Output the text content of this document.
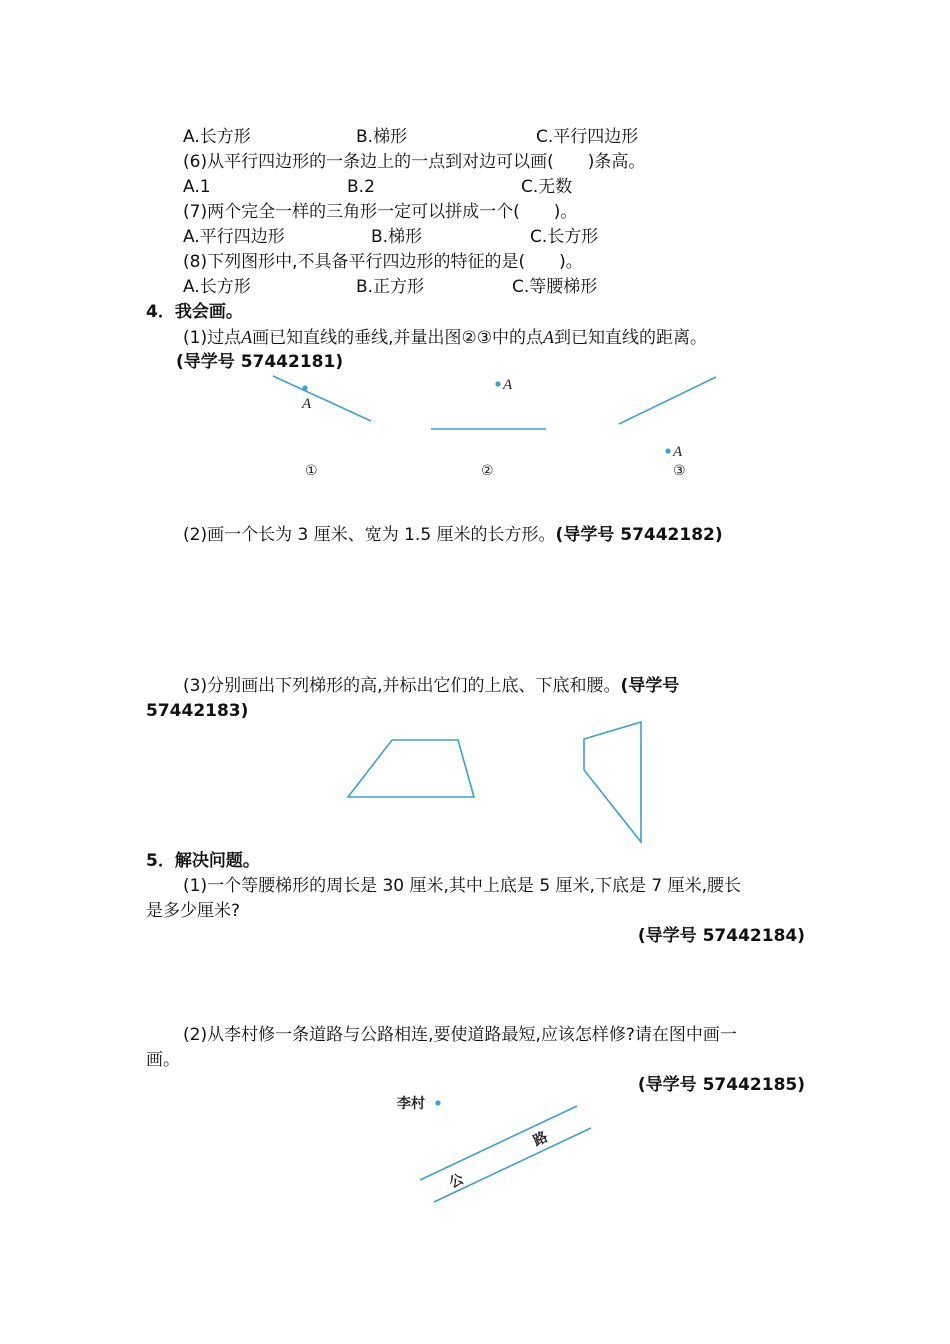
A.长方形	B.梯形	C.平行四边形
(6)从平行四边形的一条边上的一点到对边可以画(　　)条高。
A.1	B.2	C.无数
(7)两个完全一样的三角形一定可以拼成一个(　　)。
A.平行四边形	B.梯形	C.长方形
(8)下列图形中,不具备平行四边形的特征的是(　　)。
A.长方形	B.正方形	C.等腰梯形
4．我会画。
(1)过点A画已知直线的垂线,并量出图②③中的点A到已知直线的距离。
(导学号 57442181)
A
①
A
②
A
③
(2)画一个长为 3 厘米、宽为 1.5 厘米的长方形。(导学号 57442182)
(3)分别画出下列梯形的高,并标出它们的上底、下底和腰。(导学号
57442183)
5．解决问题。
(1)一个等腰梯形的周长是 30 厘米,其中上底是 5 厘米,下底是 7 厘米,腰长
是多少厘米?
(导学号 57442184)
(2)从李村修一条道路与公路相连,要使道路最短,应该怎样修?请在图中画一
画。
(导学号 57442185)
李村
公
路
